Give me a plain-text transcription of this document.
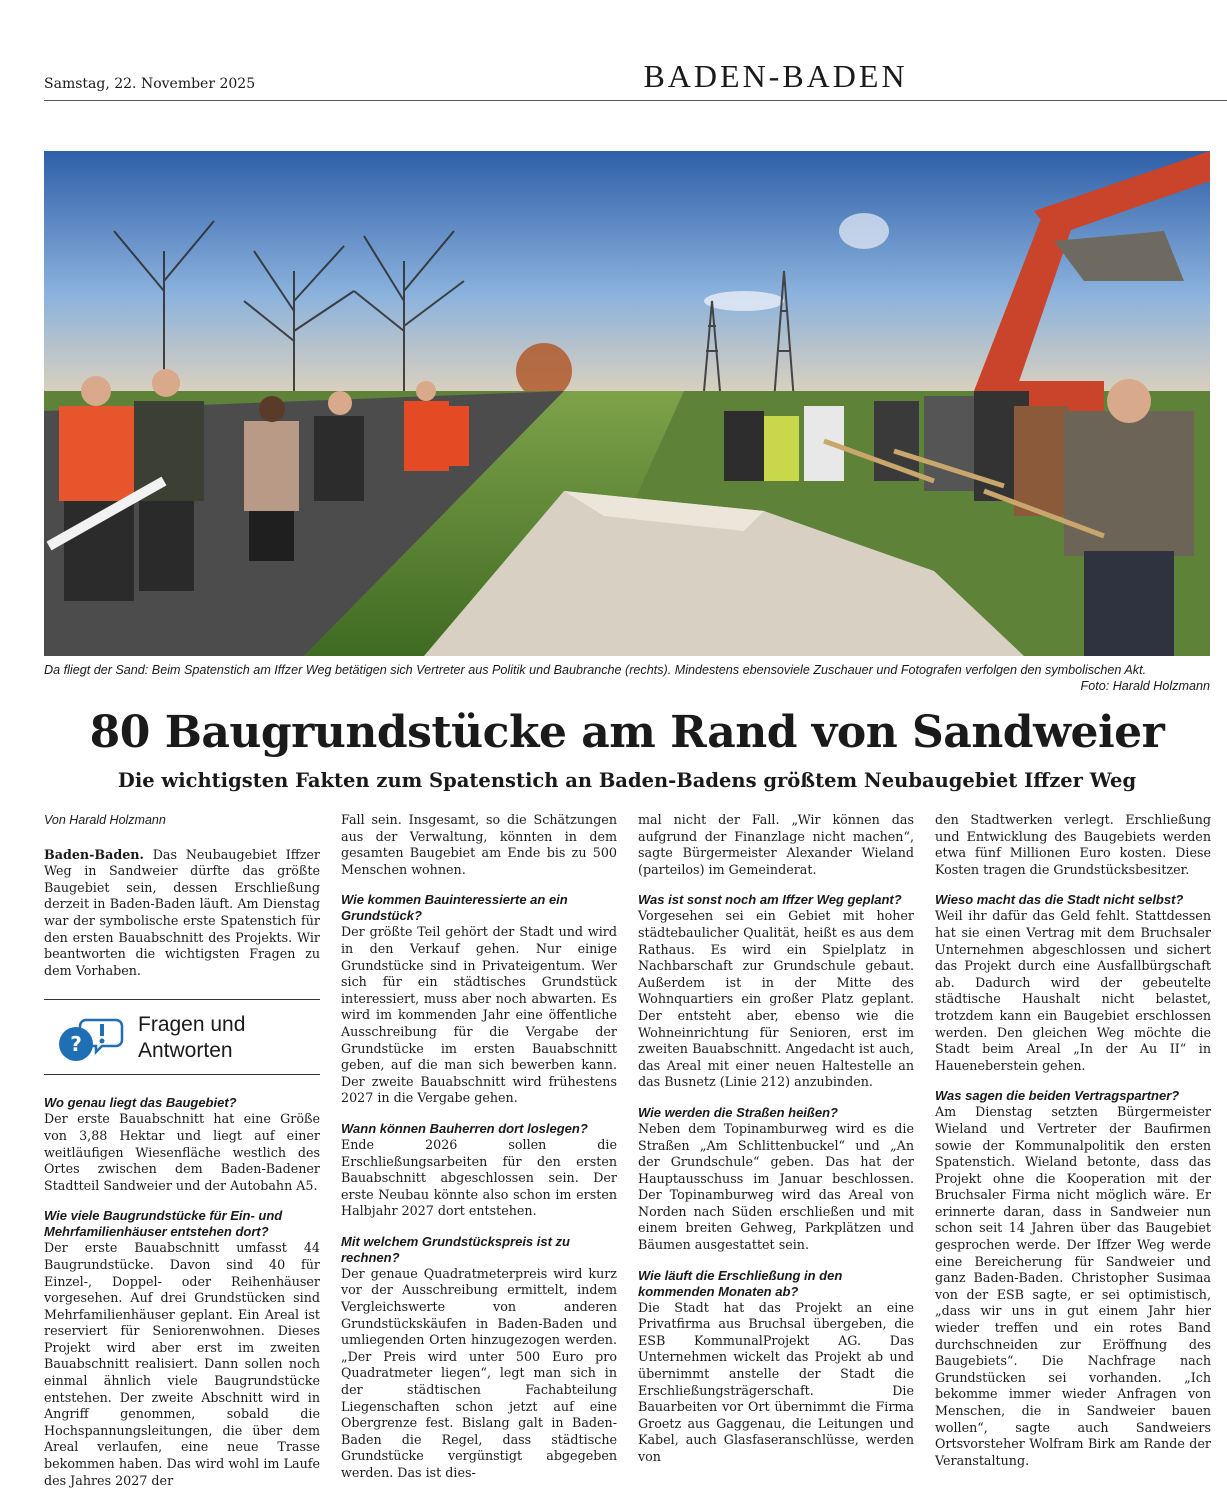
Samstag, 22. November 2025	BADEN-BADEN
Da fliegt der Sand: Beim Spatenstich am Iffzer Weg betätigen sich Vertreter aus Politik und Baubranche (rechts). Mindestens ebensoviele Zuschauer und Fotografen verfolgen den symbolischen Akt.
Foto: Harald Holzmann
80 Baugrundstücke am Rand von Sandweier
Die wichtigsten Fakten zum Spatenstich an Baden-Badens größtem Neubaugebiet Iffzer Weg

Von Harald Holzmann

Baden-Baden. Das Neubaugebiet Iffzer Weg in Sandweier dürfte das größte Baugebiet sein, dessen Erschließung derzeit in Baden-Baden läuft. Am Dienstag war der symbolische erste Spatenstich für den ersten Bauabschnitt des Projekts. Wir beantworten die wichtigsten Fragen zu dem Vorhaben.

?
Fragen und
Antworten
Wo genau liegt das Baugebiet?

Der erste Bauabschnitt hat eine Größe von 3,88 Hektar und liegt auf einer weitläufigen Wiesenfläche westlich des Ortes zwischen dem Baden-Badener Stadtteil Sandweier und der Autobahn A5.

Wie viele Baugrundstücke für Ein- und Mehrfamilienhäuser entstehen dort?

Der erste Bauabschnitt umfasst 44 Baugrundstücke. Davon sind 40 für Einzel-, Doppel- oder Reihenhäuser vorgesehen. Auf drei Grundstücken sind Mehrfamilienhäuser geplant. Ein Areal ist reserviert für Seniorenwohnen. Dieses Projekt wird aber erst im zweiten Bauabschnitt realisiert. Dann sollen noch einmal ähnlich viele Baugrundstücke entstehen. Der zweite Abschnitt wird in Angriff genommen, sobald die Hochspannungsleitungen, die über dem Areal verlaufen, eine neue Trasse bekommen haben. Das wird wohl im Laufe des Jahres 2027 der

Fall sein. Insgesamt, so die Schätzungen aus der Verwaltung, könnten in dem gesamten Baugebiet am Ende bis zu 500 Menschen wohnen.

Wie kommen Bauinteressierte an ein Grundstück?

Der größte Teil gehört der Stadt und wird in den Verkauf gehen. Nur einige Grundstücke sind in Privateigentum. Wer sich für ein städtisches Grundstück interessiert, muss aber noch abwarten. Es wird im kommenden Jahr eine öffentliche Ausschreibung für die Vergabe der Grundstücke im ersten Bauabschnitt geben, auf die man sich bewerben kann. Der zweite Bauabschnitt wird frühestens 2027 in die Vergabe gehen.

Wann können Bauherren dort loslegen?

Ende 2026 sollen die Erschließungsarbeiten für den ersten Bauabschnitt abgeschlossen sein. Der erste Neubau könnte also schon im ersten Halbjahr 2027 dort entstehen.

Mit welchem Grundstückspreis ist zu rechnen?

Der genaue Quadratmeterpreis wird kurz vor der Ausschreibung ermittelt, indem Vergleichswerte von anderen Grundstückskäufen in Baden-Baden und umliegenden Orten hinzugezogen werden. „Der Preis wird unter 500 Euro pro Quadratmeter liegen“, legt man sich in der städtischen Fachabteilung Liegenschaften schon jetzt auf eine Obergrenze fest. Bislang galt in Baden-Baden die Regel, dass städtische Grundstücke vergünstigt abgegeben werden. Das ist dies-

mal nicht der Fall. „Wir können das aufgrund der Finanzlage nicht machen“, sagte Bürgermeister Alexander Wieland (parteilos) im Gemeinderat.

Was ist sonst noch am Iffzer Weg geplant?

Vorgesehen sei ein Gebiet mit hoher städtebaulicher Qualität, heißt es aus dem Rathaus. Es wird ein Spielplatz in Nachbarschaft zur Grundschule gebaut. Außerdem ist in der Mitte des Wohnquartiers ein großer Platz geplant. Der entsteht aber, ebenso wie die Wohneinrichtung für Senioren, erst im zweiten Bauabschnitt. Angedacht ist auch, das Areal mit einer neuen Haltestelle an das Busnetz (Linie 212) anzubinden.

Wie werden die Straßen heißen?

Neben dem Topinamburweg wird es die Straßen „Am Schlittenbuckel“ und „An der Grundschule“ geben. Das hat der Hauptausschuss im Januar beschlossen. Der Topinamburweg wird das Areal von Norden nach Süden erschließen und mit einem breiten Gehweg, Parkplätzen und Bäumen ausgestattet sein.

Wie läuft die Erschließung in den kommenden Monaten ab?

Die Stadt hat das Projekt an eine Privatfirma aus Bruchsal übergeben, die ESB KommunalProjekt AG. Das Unternehmen wickelt das Projekt ab und übernimmt anstelle der Stadt die Erschließungsträgerschaft. Die Bauarbeiten vor Ort übernimmt die Firma Groetz aus Gaggenau, die Leitungen und Kabel, auch Glasfaseranschlüsse, werden von

den Stadtwerken verlegt. Erschließung und Entwicklung des Baugebiets werden etwa fünf Millionen Euro kosten. Diese Kosten tragen die Grundstücksbesitzer.

Wieso macht das die Stadt nicht selbst?

Weil ihr dafür das Geld fehlt. Stattdessen hat sie einen Vertrag mit dem Bruchsaler Unternehmen abgeschlossen und sichert das Projekt durch eine Ausfallbürgschaft ab. Dadurch wird der gebeutelte städtische Haushalt nicht belastet, trotzdem kann ein Baugebiet erschlossen werden. Den gleichen Weg möchte die Stadt beim Areal „In der Au II“ in Haueneberstein gehen.

Was sagen die beiden Vertragspartner?

Am Dienstag setzten Bürgermeister Wieland und Vertreter der Baufirmen sowie der Kommunalpolitik den ersten Spatenstich. Wieland betonte, dass das Projekt ohne die Kooperation mit der Bruchsaler Firma nicht möglich wäre. Er erinnerte daran, dass in Sandweier nun schon seit 14 Jahren über das Baugebiet gesprochen werde. Der Iffzer Weg werde eine Bereicherung für Sandweier und ganz Baden-Baden. Christopher Susimaa von der ESB sagte, er sei optimistisch, „dass wir uns in gut einem Jahr hier wieder treffen und ein rotes Band durchschneiden zur Eröffnung des Baugebiets“. Die Nachfrage nach Grundstücken sei vorhanden. „Ich bekomme immer wieder Anfragen von Menschen, die in Sandweier bauen wollen“, sagte auch Sandweiers Ortsvorsteher Wolfram Birk am Rande der Veranstaltung.
